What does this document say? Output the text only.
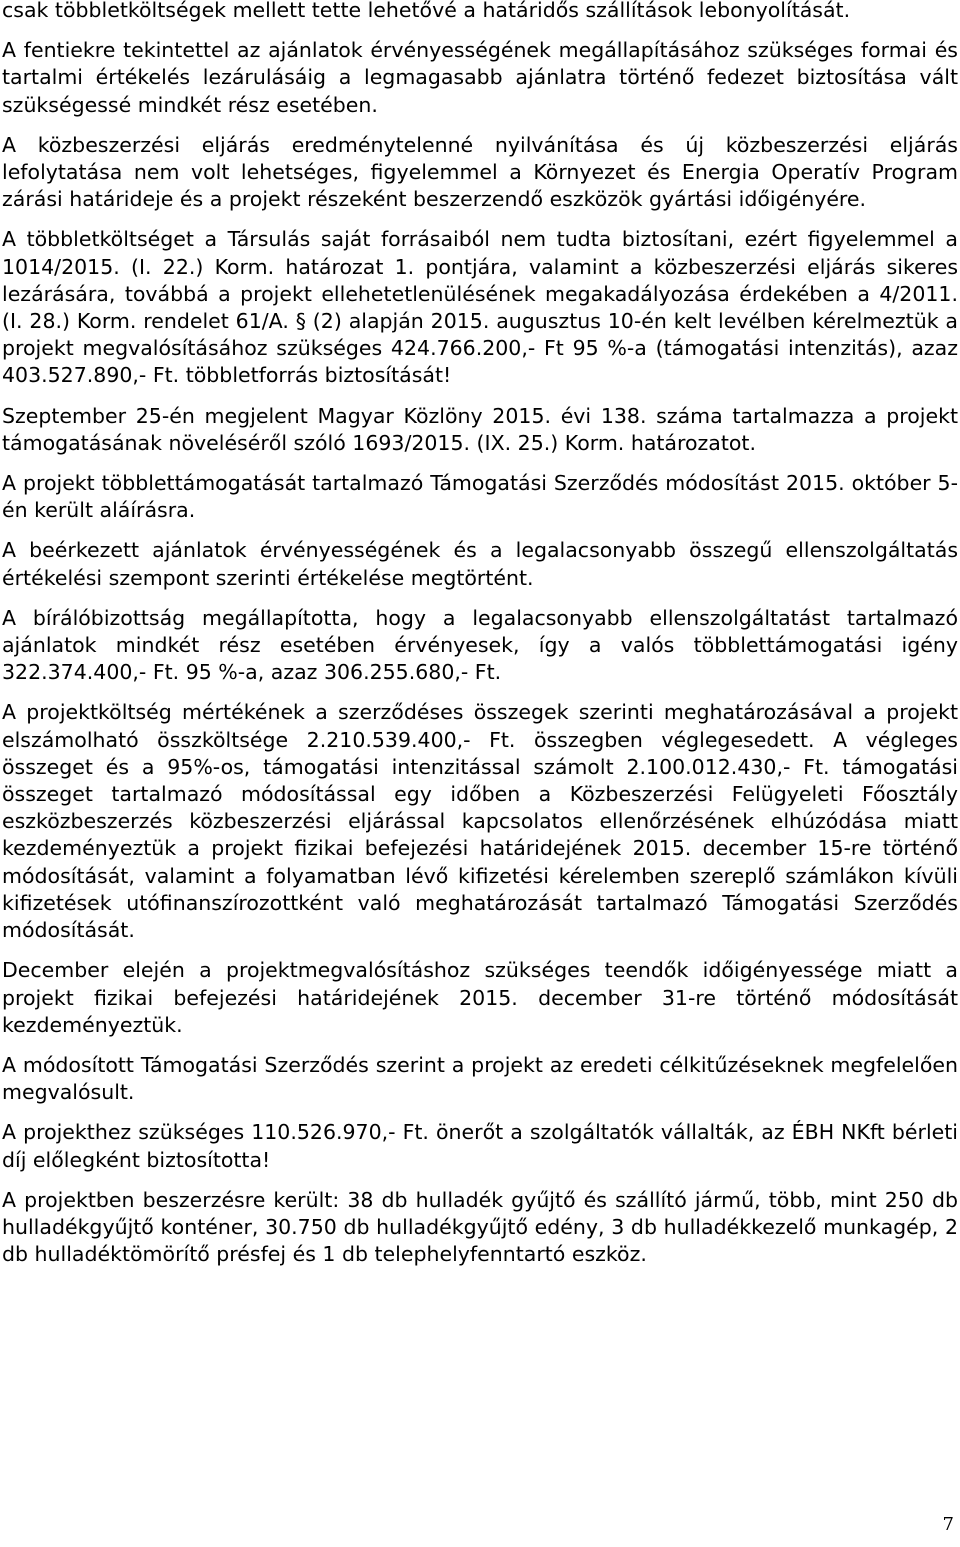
csak többletköltségek mellett tette lehetővé a határidős szállítások lebonyolítását.

A fentiekre tekintettel az ajánlatok érvényességének megállapításához szükséges formai és tartalmi értékelés lezárulásáig a legmagasabb ajánlatra történő fedezet biztosítása vált szükségessé mindkét rész esetében.

A közbeszerzési eljárás eredménytelenné nyilvánítása és új közbeszerzési eljárás lefolytatása nem volt lehetséges, figyelemmel a Környezet és Energia Operatív Program zárási határideje és a projekt részeként beszerzendő eszközök gyártási időigényére.

A többletköltséget a Társulás saját forrásaiból nem tudta biztosítani, ezért figyelemmel a 1014/2015. (I. 22.) Korm. határozat 1. pontjára, valamint a közbeszerzési eljárás sikeres lezárására, továbbá a projekt ellehetetlenülésének megakadályozása érdekében a 4/2011. (I. 28.) Korm. rendelet 61/A. § (2) alapján 2015. augusztus 10-én kelt levélben kérelmeztük a projekt megvalósításához szükséges 424.766.200,- Ft 95 %-a (támogatási intenzitás), azaz 403.527.890,- Ft. többletforrás biztosítását!

Szeptember 25-én megjelent Magyar Közlöny 2015. évi 138. száma tartalmazza a projekt támogatásának növeléséről szóló 1693/2015. (IX. 25.) Korm. határozatot.

A projekt többlettámogatását tartalmazó Támogatási Szerződés módosítást 2015. október 5-én került aláírásra.

A beérkezett ajánlatok érvényességének és a legalacsonyabb összegű ellenszolgáltatás értékelési szempont szerinti értékelése megtörtént.

A bírálóbizottság megállapította, hogy a legalacsonyabb ellenszolgáltatást tartalmazó ajánlatok mindkét rész esetében érvényesek, így a valós többlettámogatási igény 322.374.400,- Ft. 95 %-a, azaz 306.255.680,- Ft.

A projektköltség mértékének a szerződéses összegek szerinti meghatározásával a projekt elszámolható összköltsége 2.210.539.400,- Ft. összegben véglegesedett. A végleges összeget és a 95%-os, támogatási intenzitással számolt 2.100.012.430,- Ft. támogatási összeget tartalmazó módosítással egy időben a Közbeszerzési Felügyeleti Főosztály eszközbeszerzés közbeszerzési eljárással kapcsolatos ellenőrzésének elhúzódása miatt kezdeményeztük a projekt fizikai befejezési határidejének 2015. december 15-re történő módosítását, valamint a folyamatban lévő kifizetési kérelemben szereplő számlákon kívüli kifizetések utófinanszírozottként való meghatározását tartalmazó Támogatási Szerződés módosítását.

December elején a projektmegvalósításhoz szükséges teendők időigényessége miatt a projekt fizikai befejezési határidejének 2015. december 31-re történő módosítását kezdeményeztük.

A módosított Támogatási Szerződés szerint a projekt az eredeti célkitűzéseknek megfelelően megvalósult.

A projekthez szükséges 110.526.970,- Ft. önerőt a szolgáltatók vállalták, az ÉBH NKft bérleti díj előlegként biztosította!

A projektben beszerzésre került: 38 db hulladék gyűjtő és szállító jármű, több, mint 250 db hulladékgyűjtő konténer, 30.750 db hulladékgyűjtő edény, 3 db hulladékkezelő munkagép, 2 db hulladéktömörítő présfej és 1 db telephelyfenntartó eszköz.

7
